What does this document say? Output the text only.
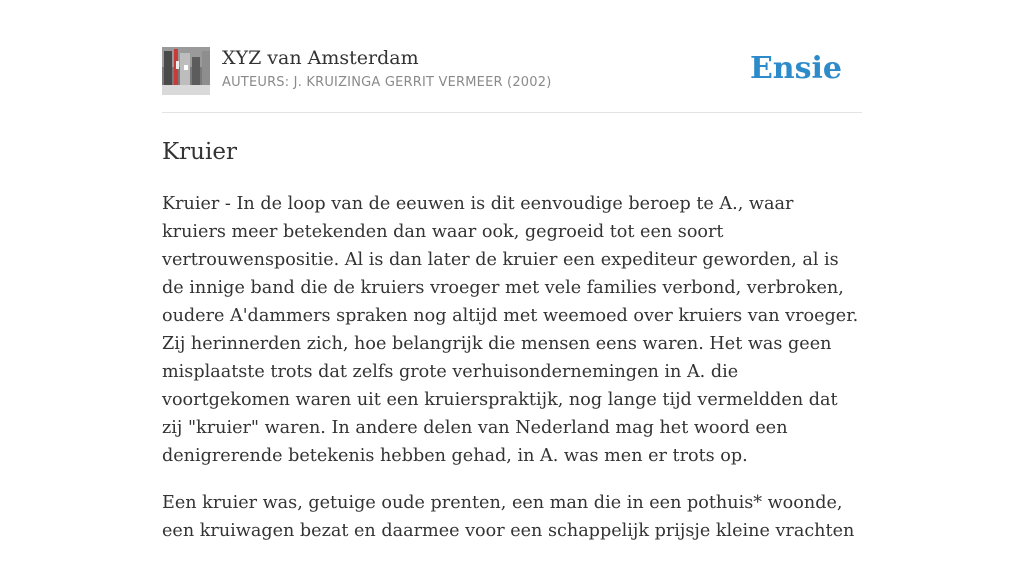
XYZ van Amsterdam
AUTEURS: J. KRUIZINGA GERRIT VERMEER (2002)	Ensie
Kruier

Kruier - In de loop van de eeuwen is dit eenvoudige beroep te A., waar kruiers meer betekenden dan waar ook, gegroeid tot een soort vertrouwenspositie. Al is dan later de kruier een expediteur geworden, al is de innige band die de kruiers vroeger met vele families verbond, verbroken, oudere A'dammers spraken nog altijd met weemoed over kruiers van vroeger. Zij herinnerden zich, hoe belangrijk die mensen eens waren. Het was geen misplaatste trots dat zelfs grote verhuisondernemingen in A. die voortgekomen waren uit een kruierspraktijk, nog lange tijd vermeldden dat zij "kruier" waren. In andere delen van Nederland mag het woord een denigrerende betekenis hebben gehad, in A. was men er trots op.

Een kruier was, getuige oude prenten, een man die in een pothuis* woonde, een kruiwagen bezat en daarmee voor een schappelijk prijsje kleine vrachten
